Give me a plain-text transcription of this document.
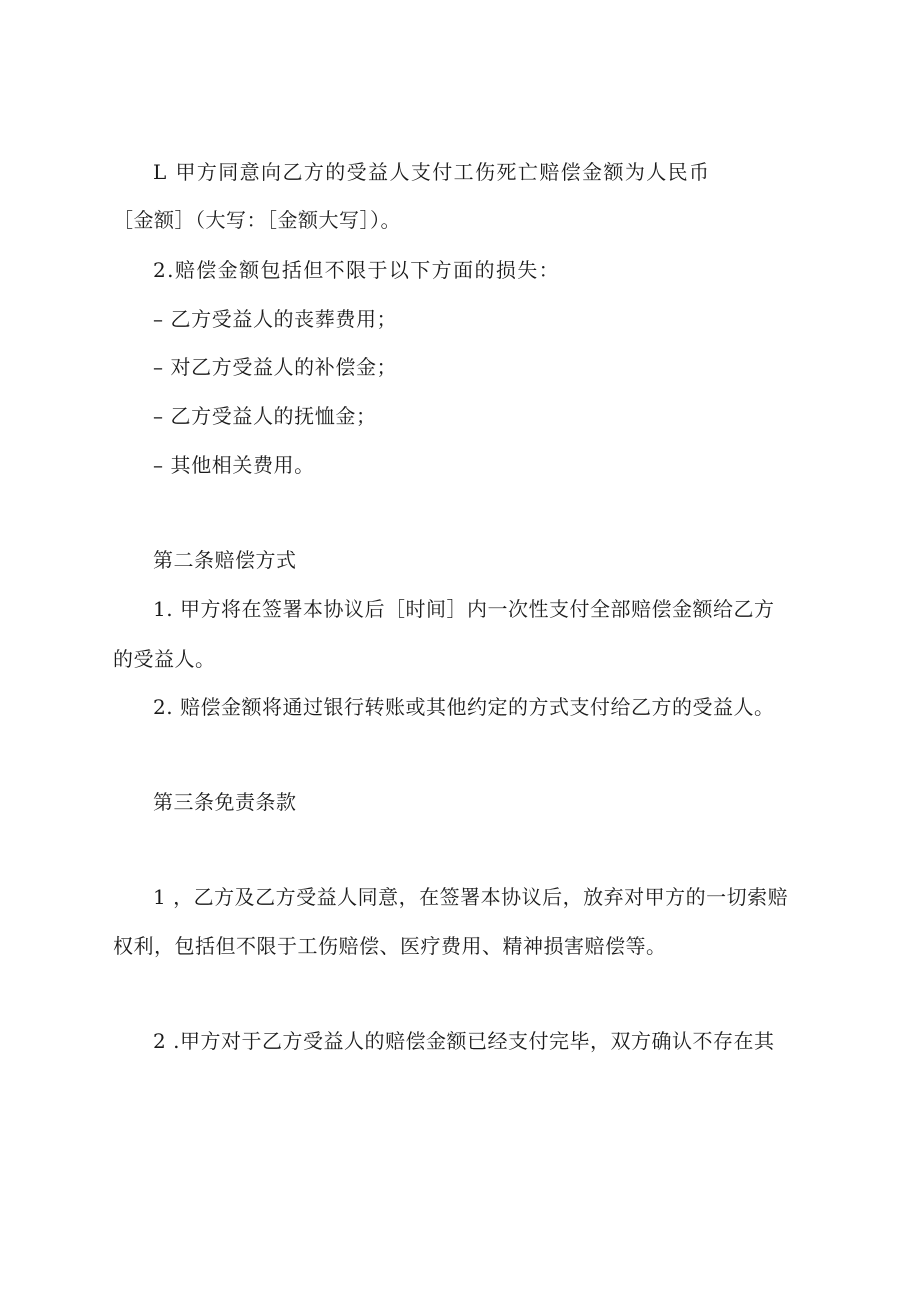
L 甲方同意向乙方的受益人支付工伤死亡赔偿金额为人民币
［金额］（大写：［金额大写］）。
2.赔偿金额包括但不限于以下方面的损失：
– 乙方受益人的丧葬费用；
– 对乙方受益人的补偿金；
– 乙方受益人的抚恤金；
– 其他相关费用。
第二条赔偿方式
1. 甲方将在签署本协议后［时间］内一次性支付全部赔偿金额给乙方
的受益人。
2. 赔偿金额将通过银行转账或其他约定的方式支付给乙方的受益人。
第三条免责条款
1 ，乙方及乙方受益人同意，在签署本协议后，放弃对甲方的一切索赔
权利，包括但不限于工伤赔偿、医疗费用、精神损害赔偿等。
2 .甲方对于乙方受益人的赔偿金额已经支付完毕，双方确认不存在其
